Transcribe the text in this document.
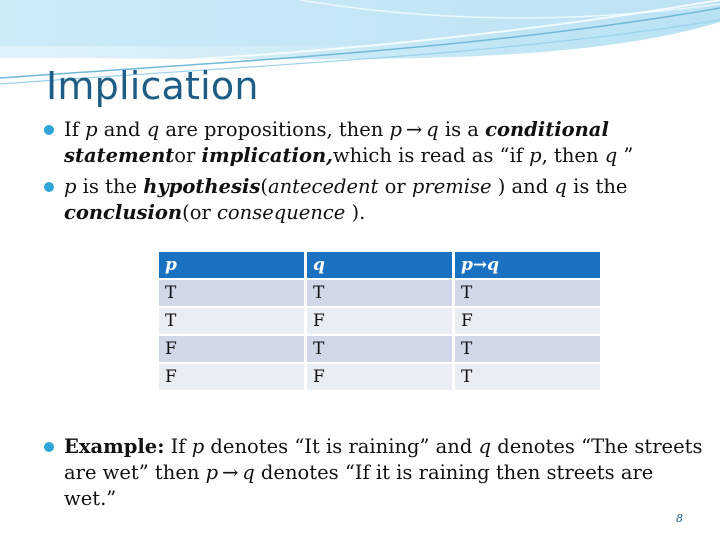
Implication
If p and q are propositions, then p → q is a conditional
statementor implication,which is read as “if p, then q ”
p is the hypothesis(antecedent or premise ) and q is the
conclusion(or consequence ).
p	q	p→q
T	T	T
T	F	F
F	T	T
F	F	T
Example: If p denotes “It is raining” and q denotes “The streets
are wet” then p → q denotes “If it is raining then streets are
wet.”
8
